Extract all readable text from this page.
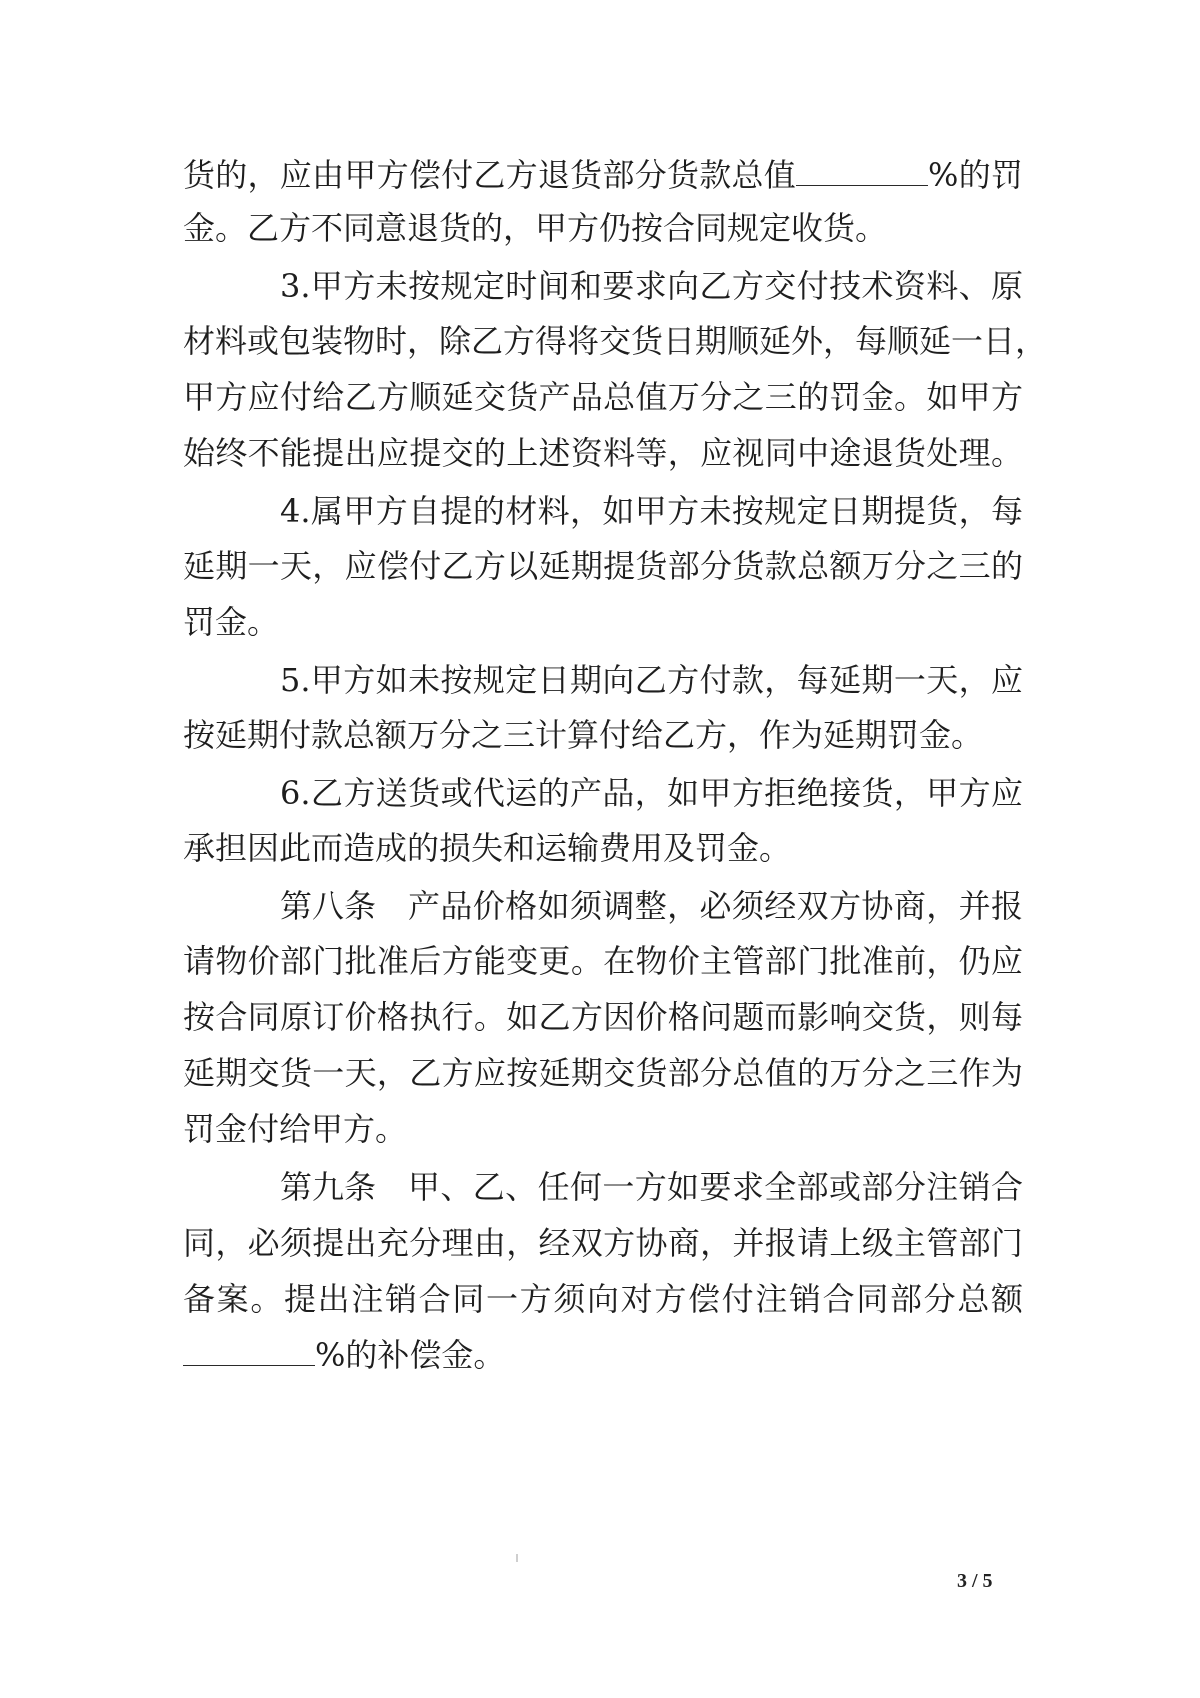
货的，应由甲方偿付乙方退货部分货款总值	%的罚
金。乙方不同意退货的，甲方仍按合同规定收货。
3.甲方未按规定时间和要求向乙方交付技术资料、原
材料或包装物时，除乙方得将交货日期顺延外，每顺延一日，
甲方应付给乙方顺延交货产品总值万分之三的罚金。如甲方
始终不能提出应提交的上述资料等，应视同中途退货处理。
4.属甲方自提的材料，如甲方未按规定日期提货，每
延期一天，应偿付乙方以延期提货部分货款总额万分之三的
罚金。
5.甲方如未按规定日期向乙方付款，每延期一天，应
按延期付款总额万分之三计算付给乙方，作为延期罚金。
6.乙方送货或代运的产品，如甲方拒绝接货，甲方应
承担因此而造成的损失和运输费用及罚金。
第八条 产品价格如须调整，必须经双方协商，并报
请物价部门批准后方能变更。在物价主管部门批准前，仍应
按合同原订价格执行。如乙方因价格问题而影响交货，则每
延期交货一天，乙方应按延期交货部分总值的万分之三作为
罚金付给甲方。
第九条 甲、乙、任何一方如要求全部或部分注销合
同，必须提出充分理由，经双方协商，并报请上级主管部门
备案。提出注销合同一方须向对方偿付注销合同部分总额
%的补偿金。
3 / 5
